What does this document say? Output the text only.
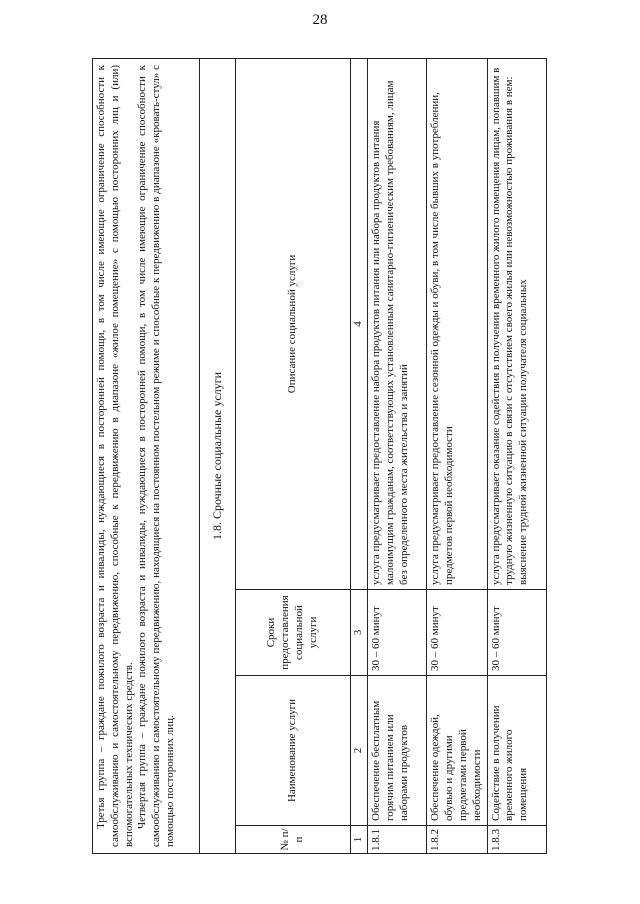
28

Третья группа – граждане пожилого возраста и инвалиды, нуждающиеся в посторонней помощи, в том числе имеющие ограничение способности к самообслуживанию и самостоятельному передвижению, способные к передвижению в диапазоне «жилое помещение» с помощью посторонних лиц и (или) вспомогательных технических средств. Четвертая группа – граждане пожилого возраста и инвалиды, нуждающиеся в посторонней помощи, в том числе имеющие ограничение способности к самообслуживанию и самостоятельному передвижению, находящиеся на постоянном постельном режиме и способные к передвижению в диапазоне «кровать-стул» с помощью посторонних лиц.			

1.8. Срочные социальные услуги			
№ п/п	Наименование услуги	Сроки предоставления социальной услуги	Описание социальной услуги
1	2	3	4
1.8.1	Обеспечение бесплатным горячим питанием или наборами продуктов	30 – 60 минут	услуга предусматривает предоставление набора продуктов питания или набора продуктов питания малоимущим гражданам, соответствующих установленным санитарно-гигиеническим требованиям, лицам без определенного места жительства и занятий
1.8.2	Обеспечение одеждой, обувью и другими предметами первой необходимости	30 – 60 минут	услуга предусматривает предоставление сезонной одежды и обуви, в том числе бывших в употреблении, предметов первой необходимости
1.8.3	Содействие в получении временного жилого помещения	30 – 60 минут	услуга предусматривает оказание содействия в получении временного жилого помещения лицам, попавшим в трудную жизненную ситуацию в связи с отсутствием своего жилья или невозможностью проживания в нем: выяснение трудной жизненной ситуации получателя социальных
